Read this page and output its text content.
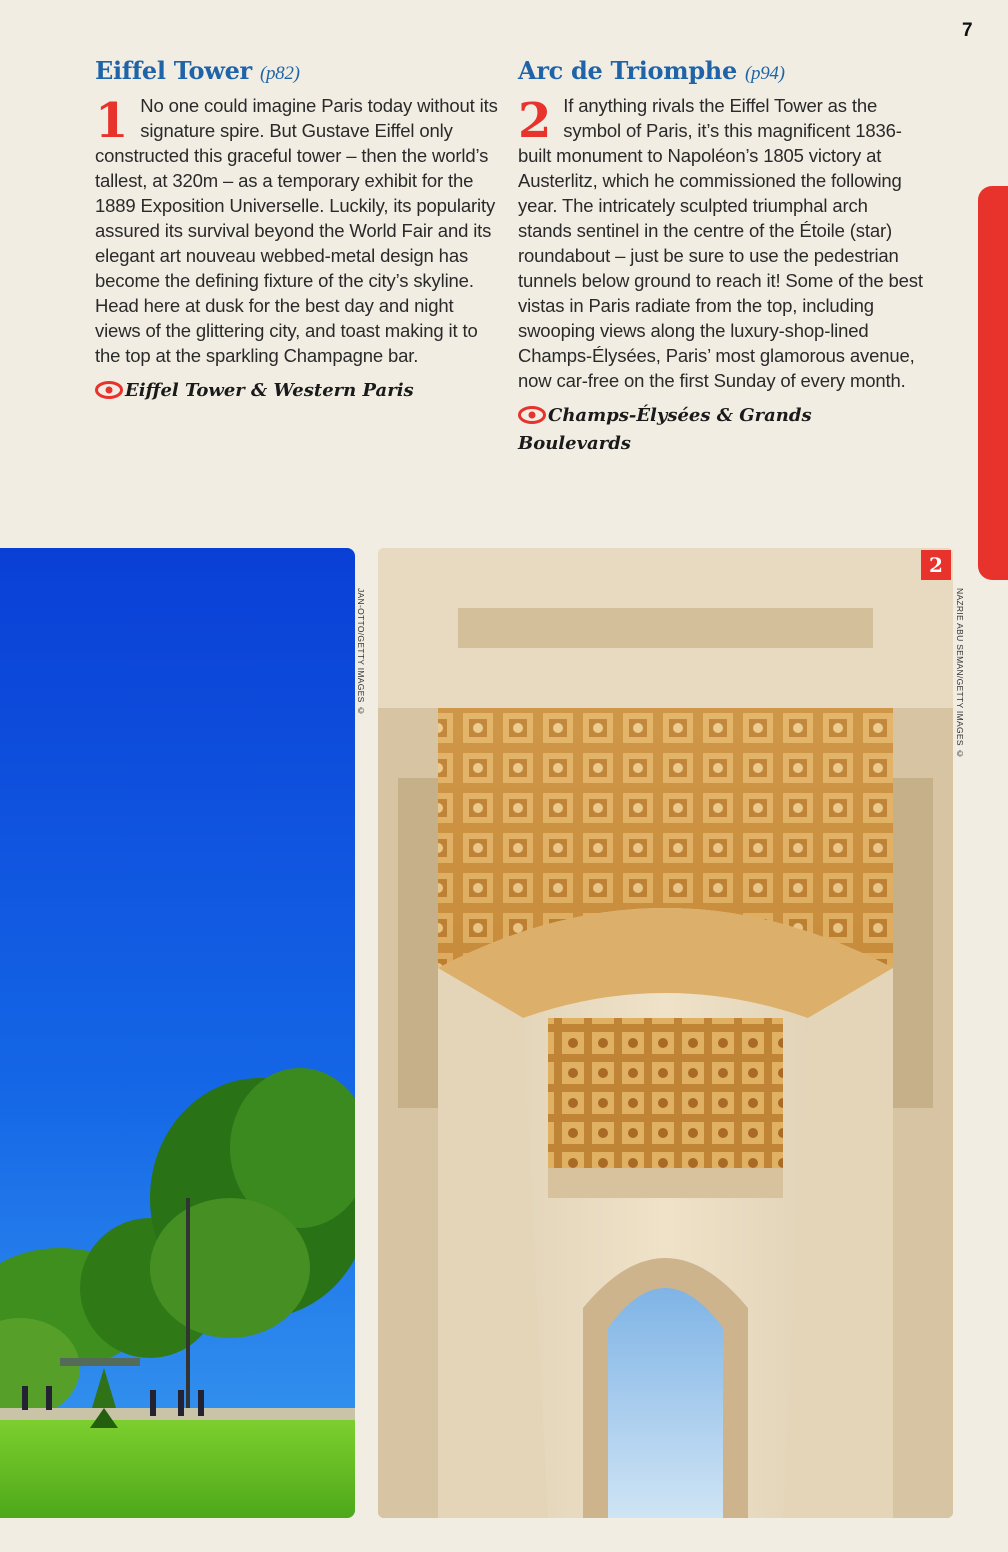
7
Eiffel Tower (p82)

1 No one could imagine Paris today without its signature spire. But Gustave Eiffel only constructed this graceful tower – then the world’s tallest, at 320m – as a temporary exhibit for the 1889 Exposition Universelle. Luckily, its popularity assured its survival beyond the World Fair and its elegant art nouveau webbed-metal design has become the defining fixture of the city’s skyline. Head here at dusk for the best day and night views of the glittering city, and toast making it to the top at the sparkling Champagne bar.

Eiffel Tower & Western Paris
Arc de Triomphe (p94)

2 If anything rivals the Eiffel Tower as the symbol of Paris, it’s this magnificent 1836-built monument to Napoléon’s 1805 victory at Austerlitz, which he commissioned the following year. The intricately sculpted triumphal arch stands sentinel in the centre of the Étoile (star) roundabout – just be sure to use the pedestrian tunnels below ground to reach it! Some of the best vistas in Paris radiate from the top, including swooping views along the luxury-shop-lined Champs-Élysées, Paris’ most glamorous avenue, now car-free on the first Sunday of every month.

Champs-Élysées & Grands Boulevards
JAN-OTTO/GETTY IMAGES ©	NAZRIE ABU SEMAN/GETTY IMAGES ©
2
